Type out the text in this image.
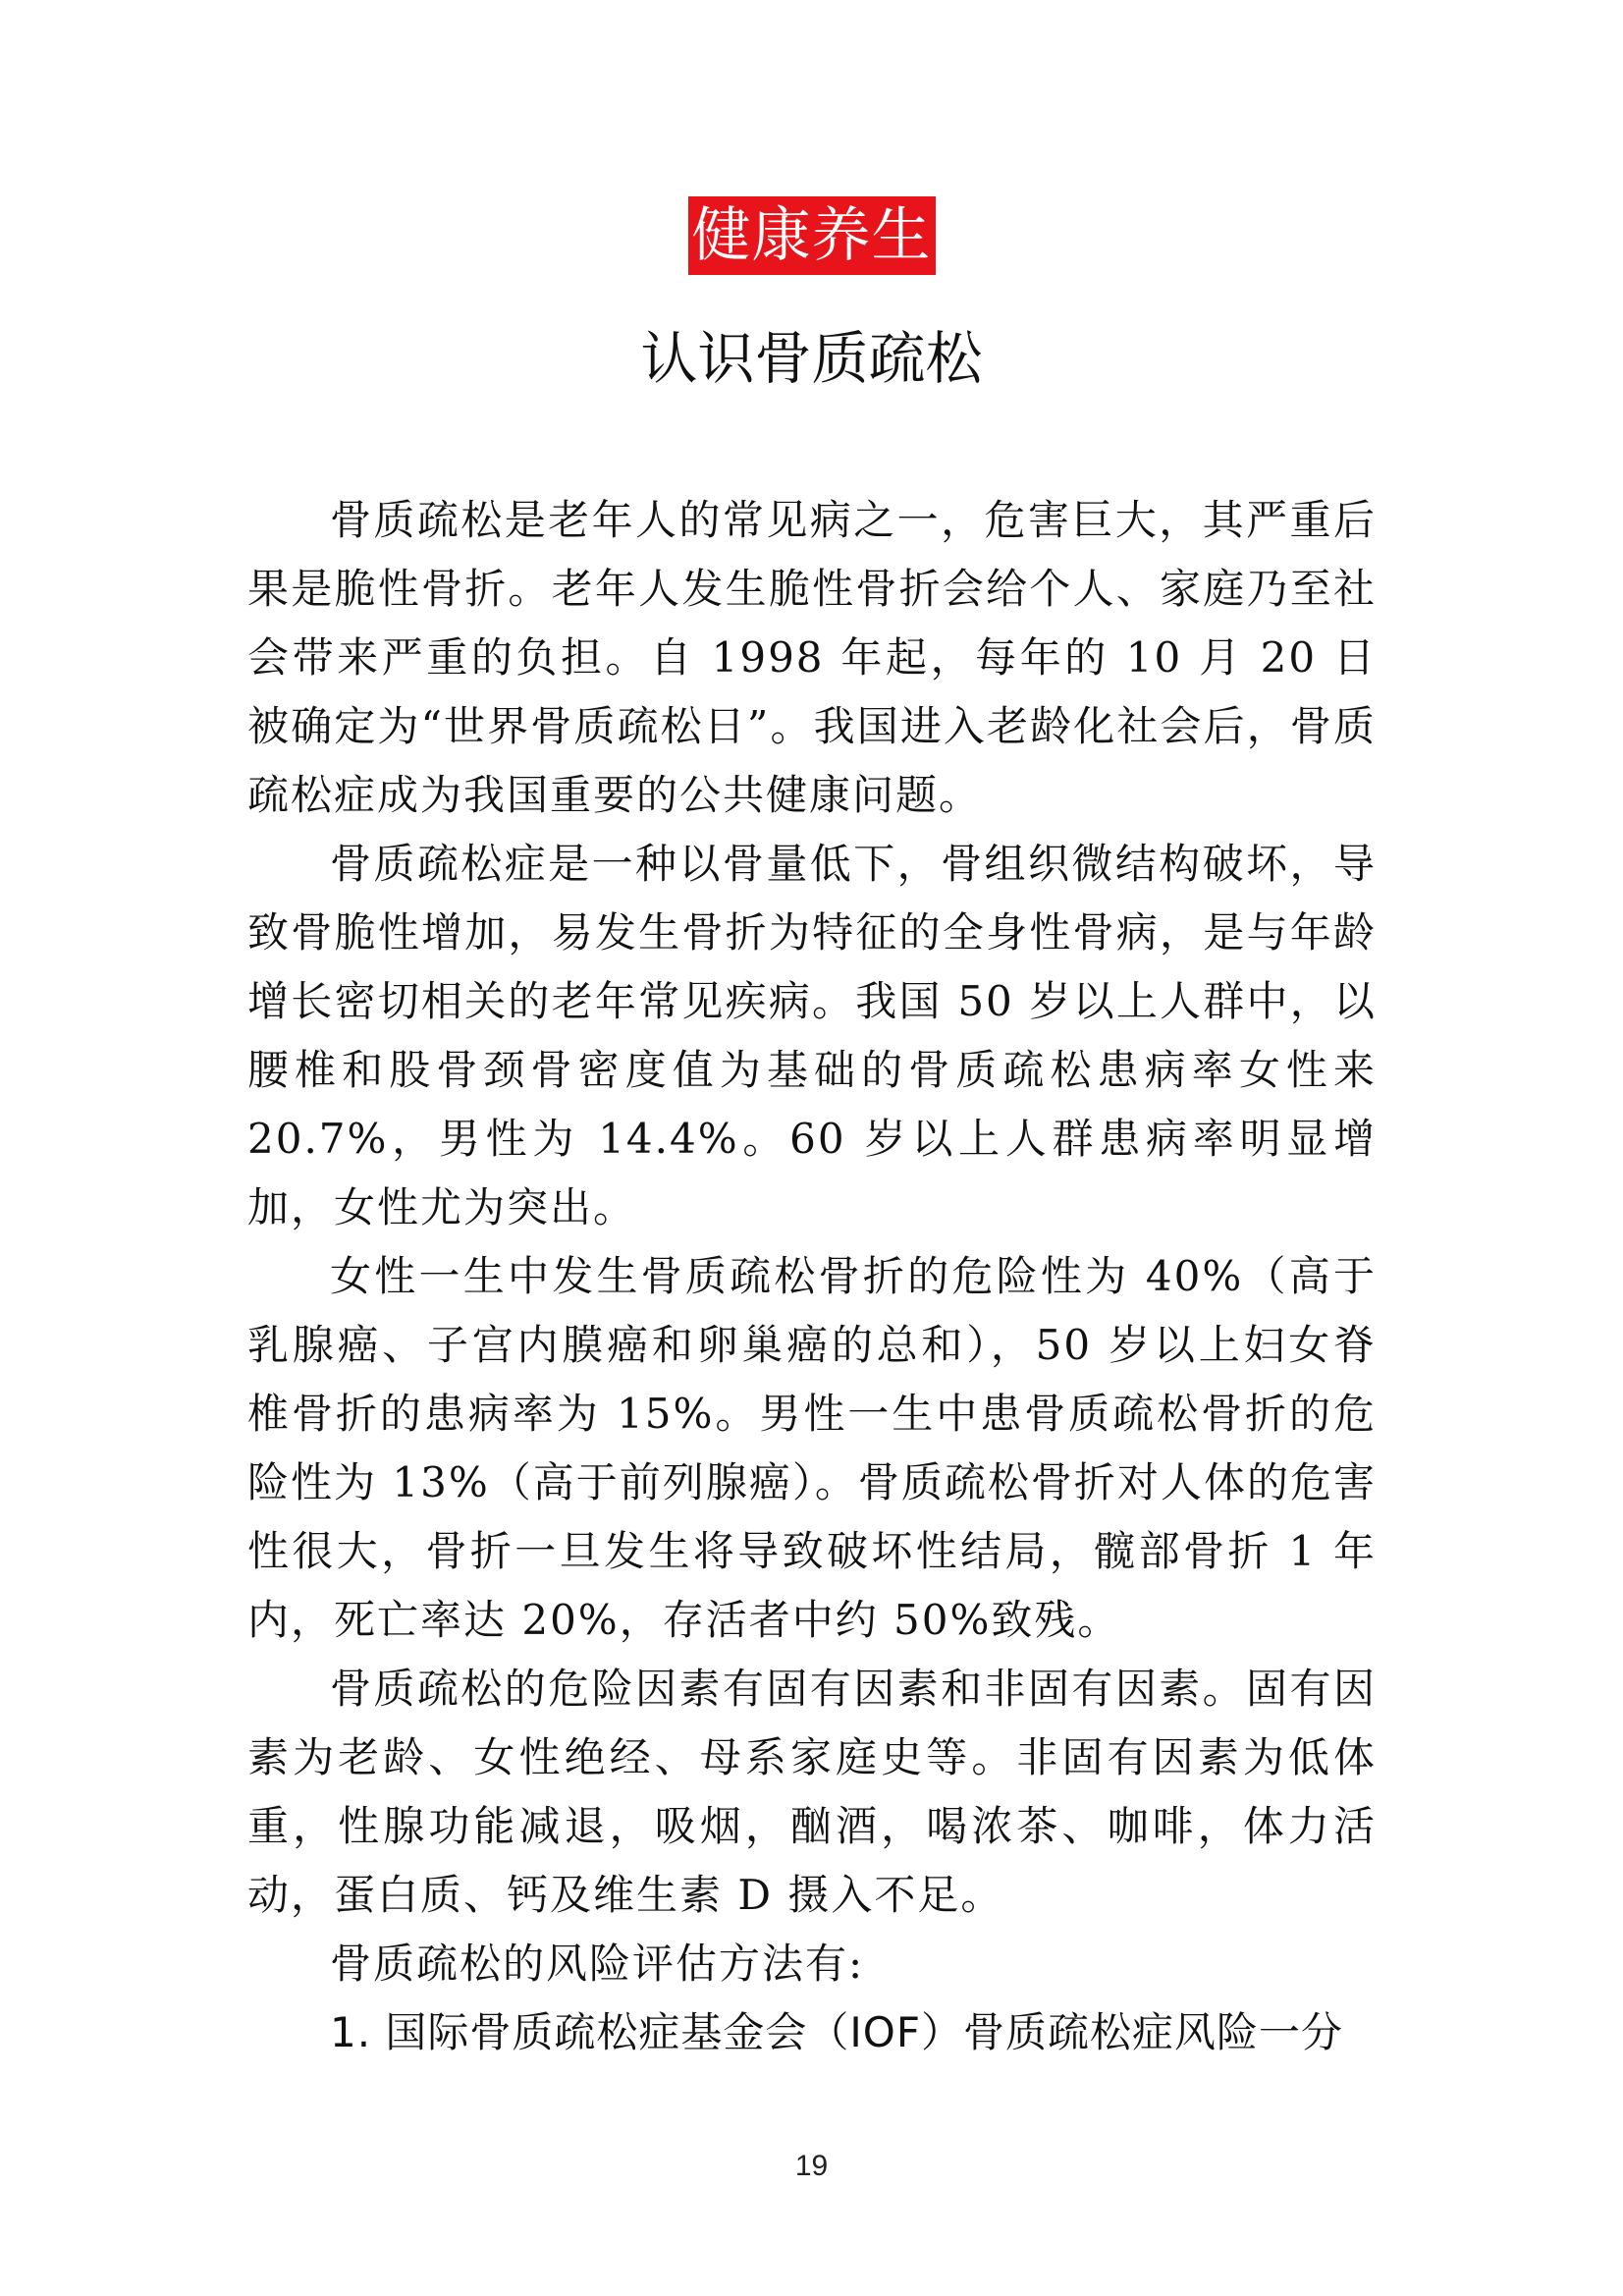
健康养生
认识骨质疏松

骨质疏松是老年人的常见病之一，危害巨大，其严重后果是脆性骨折。老年人发生脆性骨折会给个人、家庭乃至社会带来严重的负担。自 1998 年起，每年的 10 月 20 日被确定为“世界骨质疏松日”。我国进入老龄化社会后，骨质疏松症成为我国重要的公共健康问题。

骨质疏松症是一种以骨量低下，骨组织微结构破坏，导致骨脆性增加，易发生骨折为特征的全身性骨病，是与年龄增长密切相关的老年常见疾病。我国 50 岁以上人群中，以腰椎和股骨颈骨密度值为基础的骨质疏松患病率女性来 20.7%，男性为 14.4%。60 岁以上人群患病率明显增加，女性尤为突出。

女性一生中发生骨质疏松骨折的危险性为 40%（高于乳腺癌、子宫内膜癌和卵巢癌的总和），50 岁以上妇女脊椎骨折的患病率为 15%。男性一生中患骨质疏松骨折的危险性为 13%（高于前列腺癌）。骨质疏松骨折对人体的危害性很大，骨折一旦发生将导致破坏性结局，髋部骨折 1 年内，死亡率达 20%，存活者中约 50%致残。

骨质疏松的危险因素有固有因素和非固有因素。固有因素为老龄、女性绝经、母系家庭史等。非固有因素为低体重，性腺功能减退，吸烟，酗酒，喝浓茶、咖啡，体力活动，蛋白质、钙及维生素 D 摄入不足。

骨质疏松的风险评估方法有:

1. 国际骨质疏松症基金会（IOF）骨质疏松症风险一分

19
